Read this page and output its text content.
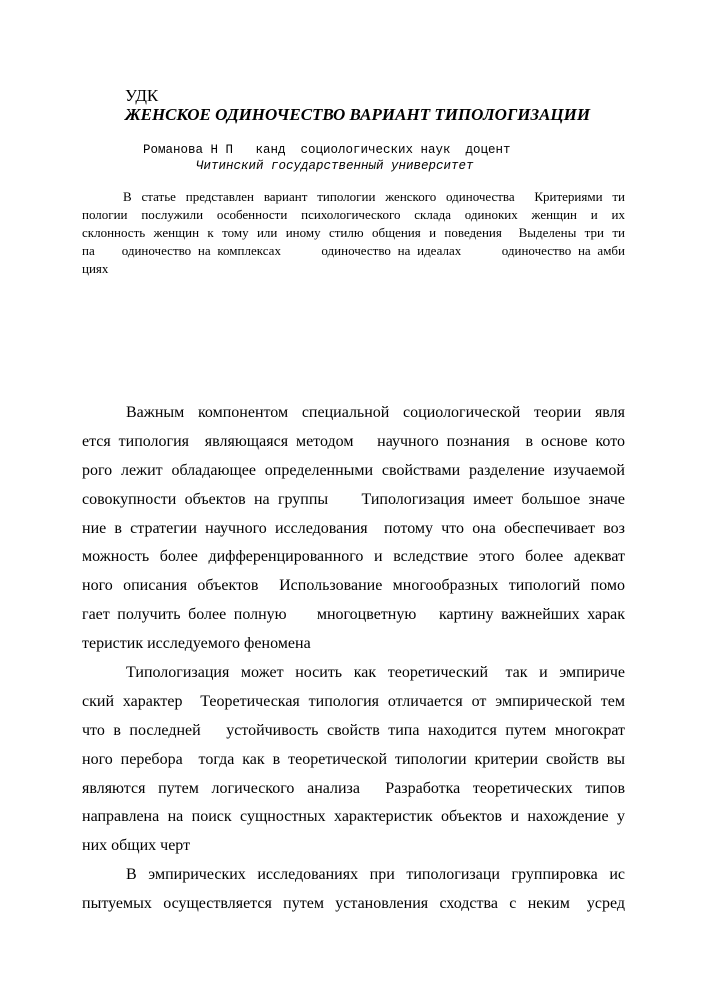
УДК
ЖЕНСКОЕ ОДИНОЧЕСТВО ВАРИАНТ ТИПОЛОГИЗАЦИИ
Романова Н П   канд  социологических наук  доцент
Читинский государственный университет
В статье представлен вариант типологии женского одиночества  Критериями ти
пологии  послужили  особенности  психологического  склада  одиноких  женщин  и  их
склонность женщин к тому или иному стилю общения и поведения  Выделены три ти
па    одиночество на комплексах      одиночество на идеалах      одиночество на амби
циях
Важным  компонентом  специальной  социологической  теории  явля
ется типология  являющаяся методом   научного познания  в основе кото
рого лежит обладающее определенными свойствами разделение изучаемой
совокупности объектов на группы    Типологизация имеет большое значе
ние в стратегии научного исследования  потому что она обеспечивает воз
можность более дифференцированного и вследствие этого более адекват
ного описания объектов  Использование многообразных типологий помо
гает получить более полную    многоцветную   картину важнейших харак
теристик исследуемого феномена
Типологизация  может  носить  как  теоретический   так  и  эмпириче
ский характер  Теоретическая типология отличается от эмпирической тем
что в последней   устойчивость свойств типа находится путем многократ
ного перебора  тогда как в теоретической типологии критерии свойств вы
являются  путем  логического  анализа    Разработка  теоретических  типов
направлена на поиск сущностных характеристик объектов и нахождение у
них общих черт
В  эмпирических  исследованиях  при  типологизаци  группировка  ис
пытуемых  осуществляется  путем  установления  сходства  с  неким   усред
